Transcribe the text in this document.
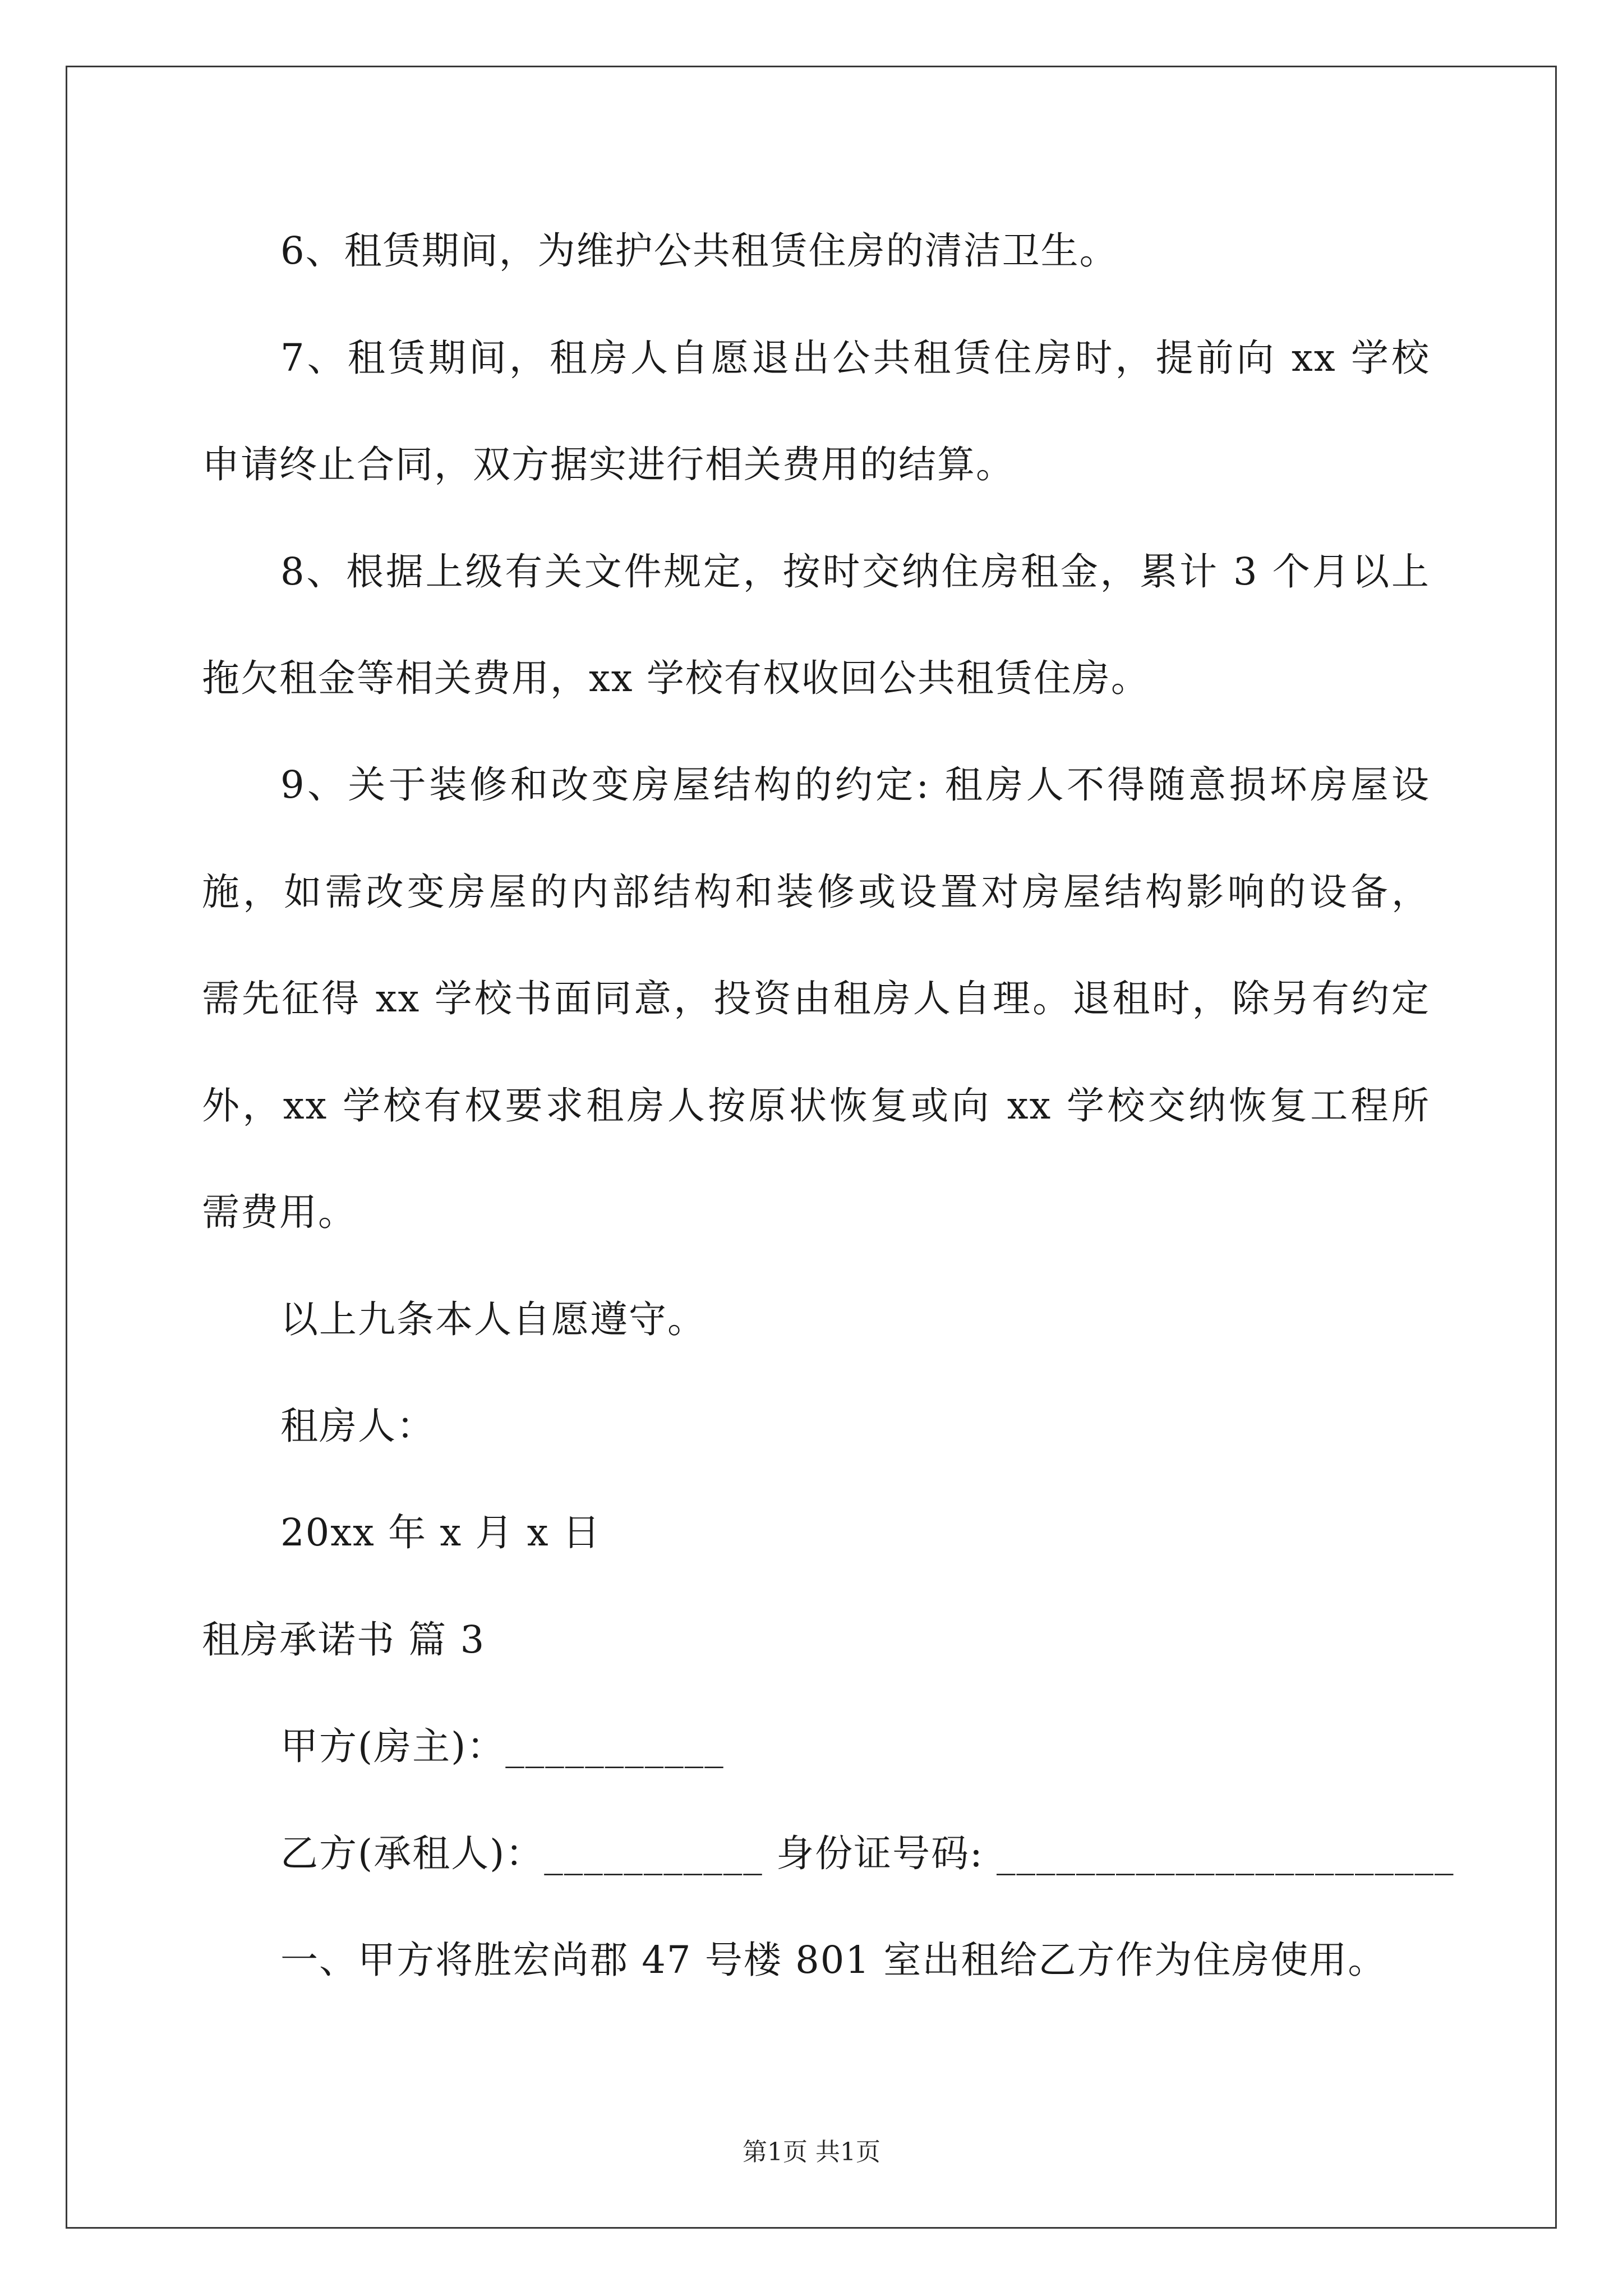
6、租赁期间，为维护公共租赁住房的清洁卫生。
7、租赁期间，租房人自愿退出公共租赁住房时，提前向 xx 学校
申请终止合同，双方据实进行相关费用的结算。
8、根据上级有关文件规定，按时交纳住房租金，累计 3 个月以上
拖欠租金等相关费用，xx 学校有权收回公共租赁住房。
9、关于装修和改变房屋结构的约定: 租房人不得随意损坏房屋设
施，如需改变房屋的内部结构和装修或设置对房屋结构影响的设备，
需先征得 xx 学校书面同意，投资由租房人自理。退租时，除另有约定
外，xx 学校有权要求租房人按原状恢复或向 xx 学校交纳恢复工程所
需费用。
以上九条本人自愿遵守。
租房人：
20xx 年 x 月 x 日
租房承诺书 篇 3
甲方(房主)：___________
乙方(承租人)：___________ 身份证号码: _______________________
一、甲方将胜宏尚郡 47 号楼 801 室出租给乙方作为住房使用。
第1页 共1页
